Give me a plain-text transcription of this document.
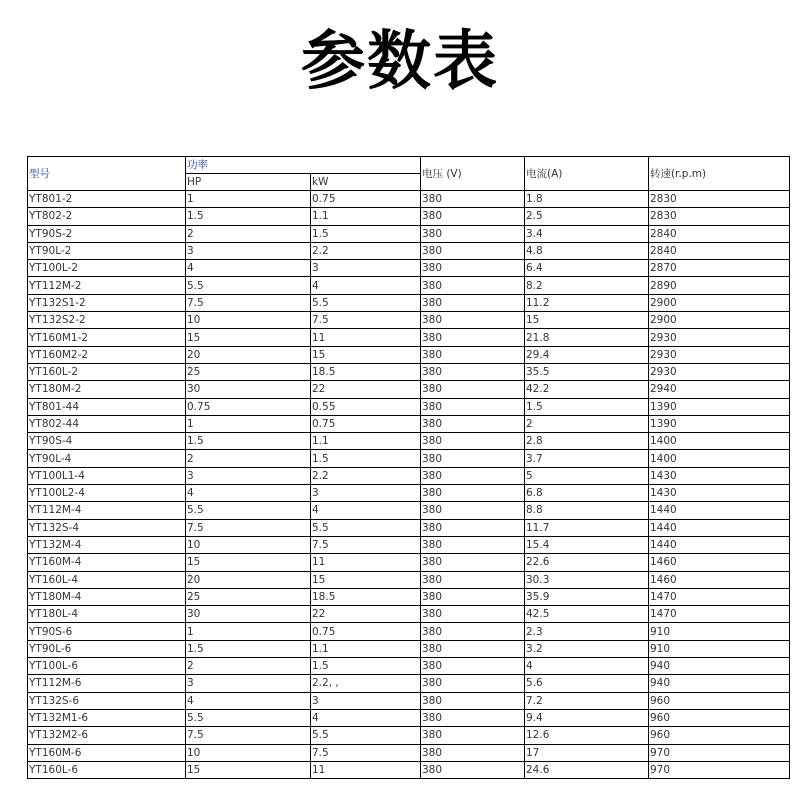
参数表
型号	功率		电压 (V)	电流(A)	转速(r.p.m)
	HP	kW			
YT801-2	1	0.75	380	1.8	2830
YT802-2	1.5	1.1	380	2.5	2830
YT90S-2	2	1.5	380	3.4	2840
YT90L-2	3	2.2	380	4.8	2840
YT100L-2	4	3	380	6.4	2870
YT112M-2	5.5	4	380	8.2	2890
YT132S1-2	7.5	5.5	380	11.2	2900
YT132S2-2	10	7.5	380	15	2900
YT160M1-2	15	11	380	21.8	2930
YT160M2-2	20	15	380	29.4	2930
YT160L-2	25	18.5	380	35.5	2930
YT180M-2	30	22	380	42.2	2940
YT801-44	0.75	0.55	380	1.5	1390
YT802-44	1	0.75	380	2	1390
YT90S-4	1.5	1.1	380	2.8	1400
YT90L-4	2	1.5	380	3.7	1400
YT100L1-4	3	2.2	380	5	1430
YT100L2-4	4	3	380	6.8	1430
YT112M-4	5.5	4	380	8.8	1440
YT132S-4	7.5	5.5	380	11.7	1440
YT132M-4	10	7.5	380	15.4	1440
YT160M-4	15	11	380	22.6	1460
YT160L-4	20	15	380	30.3	1460
YT180M-4	25	18.5	380	35.9	1470
YT180L-4	30	22	380	42.5	1470
YT90S-6	1	0.75	380	2.3	910
YT90L-6	1.5	1.1	380	3.2	910
YT100L-6	2	1.5	380	4	940
YT112M-6	3	2.2, ,	380	5.6	940
YT132S-6	4	3	380	7.2	960
YT132M1-6	5.5	4	380	9.4	960
YT132M2-6	7.5	5.5	380	12.6	960
YT160M-6	10	7.5	380	17	970
YT160L-6	15	11	380	24.6	970
